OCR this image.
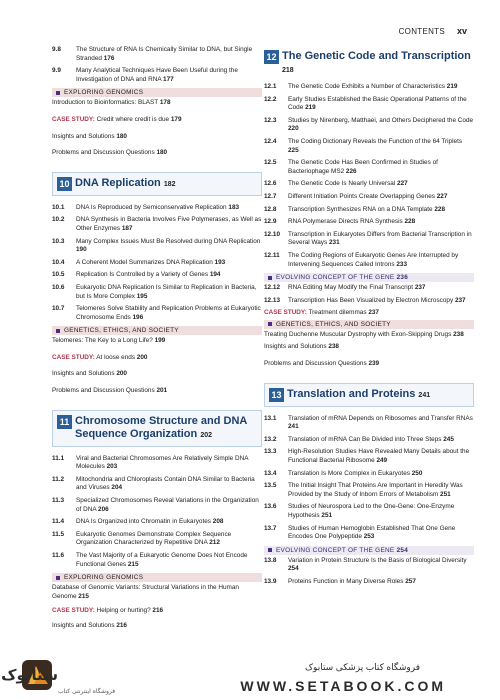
CONTENTS xv
9.8	The Structure of RNA Is Chemically Similar to DNA, but Single Stranded 176
9.9	Many Analytical Techniques Have Been Useful during the Investigation of DNA and RNA 177
EXPLORING GENOMICS
Introduction to Bioinformatics: BLAST 178
CASE STUDY: Credit where credit is due 179
Insights and Solutions 180
Problems and Discussion Questions 180
10 DNA Replication 182
10.1	DNA Is Reproduced by Semiconservative Replication 183
10.2	DNA Synthesis in Bacteria Involves Five Polymerases, as Well as Other Enzymes 187
10.3	Many Complex Issues Must Be Resolved during DNA Replication 190
10.4	A Coherent Model Summarizes DNA Replication 193
10.5	Replication Is Controlled by a Variety of Genes 194
10.6	Eukaryotic DNA Replication Is Similar to Replication in Bacteria, but Is More Complex 195
10.7	Telomeres Solve Stability and Replication Problems at Eukaryotic Chromosome Ends 196
GENETICS, ETHICS, AND SOCIETY
Telomeres: The Key to a Long Life? 199
CASE STUDY: At loose ends 200
Insights and Solutions 200
Problems and Discussion Questions 201
11 Chromosome Structure and DNA Sequence Organization 202
11.1	Viral and Bacterial Chromosomes Are Relatively Simple DNA Molecules 203
11.2	Mitochondria and Chloroplasts Contain DNA Similar to Bacteria and Viruses 204
11.3	Specialized Chromosomes Reveal Variations in the Organization of DNA 206
11.4	DNA Is Organized into Chromatin in Eukaryotes 208
11.5	Eukaryotic Genomes Demonstrate Complex Sequence Organization Characterized by Repetitive DNA 212
11.6	The Vast Majority of a Eukaryotic Genome Does Not Encode Functional Genes 215
EXPLORING GENOMICS
Database of Genomic Variants: Structural Variations in the Human Genome 215
CASE STUDY: Helping or hurting? 216
Insights and Solutions 216
12 The Genetic Code and Transcription 218
12.1	The Genetic Code Exhibits a Number of Characteristics 219
12.2	Early Studies Established the Basic Operational Patterns of the Code 219
12.3	Studies by Nirenberg, Matthaei, and Others Deciphered the Code 220
12.4	The Coding Dictionary Reveals the Function of the 64 Triplets 225
12.5	The Genetic Code Has Been Confirmed in Studies of Bacteriophage MS2 226
12.6	The Genetic Code Is Nearly Universal 227
12.7	Different Initiation Points Create Overlapping Genes 227
12.8	Transcription Synthesizes RNA on a DNA Template 228
12.9	RNA Polymerase Directs RNA Synthesis 228
12.10	Transcription in Eukaryotes Differs from Bacterial Transcription in Several Ways 231
12.11	The Coding Regions of Eukaryotic Genes Are Interrupted by Intervening Sequences Called Introns 233
EVOLVING CONCEPT OF THE GENE
236
12.12	RNA Editing May Modify the Final Transcript 237
12.13	Transcription Has Been Visualized by Electron Microscopy 237
CASE STUDY: Treatment dilemmas 237
GENETICS, ETHICS, AND SOCIETY
Treating Duchenne Muscular Dystrophy with Exon-Skipping Drugs 238
Insights and Solutions 238
Problems and Discussion Questions 239
13 Translation and Proteins 241
13.1	Translation of mRNA Depends on Ribosomes and Transfer RNAs 241
13.2	Translation of mRNA Can Be Divided into Three Steps 245
13.3	High-Resolution Studies Have Revealed Many Details about the Functional Bacterial Ribosome 249
13.4	Translation Is More Complex in Eukaryotes 250
13.5	The Initial Insight That Proteins Are Important in Heredity Was Provided by the Study of Inborn Errors of Metabolism 251
13.6	Studies of Neurospora Led to the One-Gene: One-Enzyme Hypothesis 251
13.7	Studies of Human Hemoglobin Established That One Gene Encodes One Polypeptide 253
EVOLVING CONCEPT OF THE GENE
254
13.8	Variation in Protein Structure Is the Basis of Biological Diversity 254
13.9	Proteins Function in Many Diverse Roles 257
ستابوک
فروشگاه اینترنتی کتاب
فروشگاه کتاب پزشکی ستابوک
WWW.SETABOOK.COM
